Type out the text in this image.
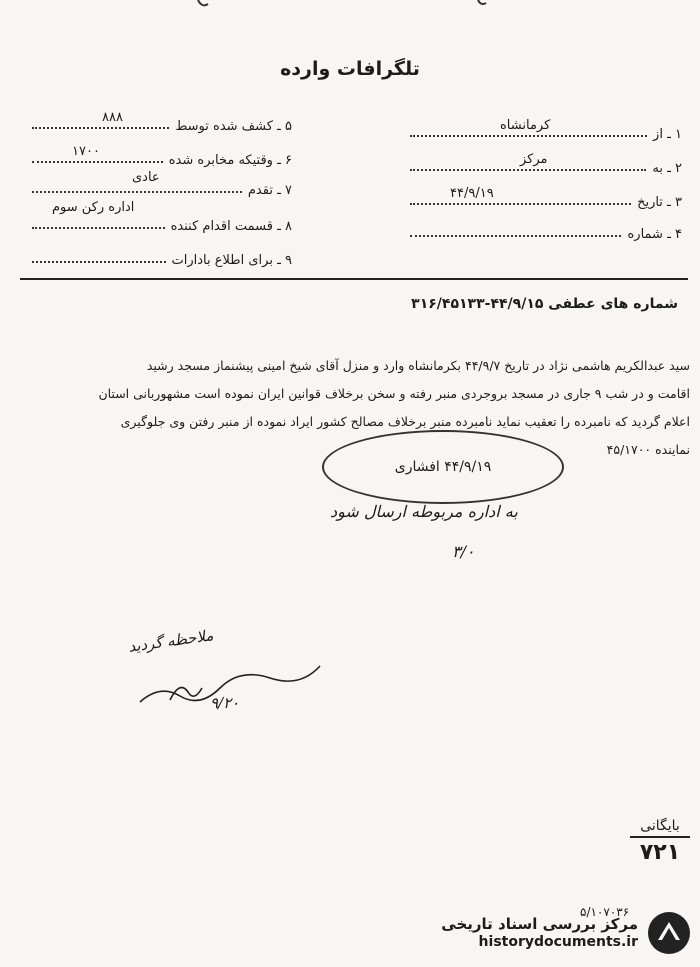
تلگرافات وارده
۵ ـ کشف شده توسط
۸۸۸
۶ ـ وقتیکه مخابره شده
۱۷۰۰
۷ ـ تقدم
عادی
۸ ـ قسمت اقدام کننده
اداره رکن سوم
۹ ـ برای اطلاع بادارات
۱ ـ از
کرمانشاه
۲ ـ به
مرکز
۳ ـ تاریخ
۴۴/۹/۱۹
۴ ـ شماره
شماره های عطفی ۴۴/۹/۱۵-۳۱۶/۴۵۱۳۳
سید عبدالکریم هاشمی نژاد در تاریخ ۴۴/۹/۷ بکرمانشاه وارد و منزل آقای شیخ امینی پیشنماز مسجد رشید
اقامت و در شب ۹ جاری در مسجد بروجردی منبر رفته و سخن برخلاف قوانین ایران نموده است مشهوربانی استان
اعلام گردید که نامبرده را تعقیب نماید نامبرده منبر برخلاف مصالح کشور ایراد نموده از منبر رفتن وی جلوگیری
نماینده ۴۵/۱۷۰۰
۴۴/۹/۱۹ افشاری
به اداره مربوطه ارسال شود
۳/۰
ملاحظه گردید
۹/۲۰
بایگانی
۷۲۱
۵/۱۰۷۰۳۶
مرکز بررسی اسناد تاریخی
historydocuments.ir
